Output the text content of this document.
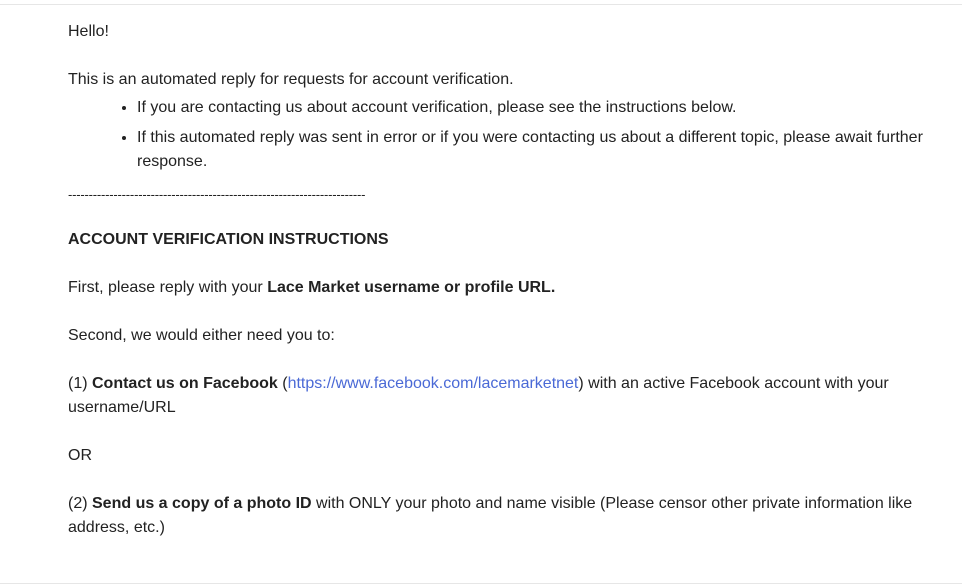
Hello!

This is an automated reply for requests for account verification.

• If you are contacting us about account verification, please see the instructions below.
• If this automated reply was sent in error or if you were contacting us about a different topic, please await further response.

------------------------------------------------------------------------

ACCOUNT VERIFICATION INSTRUCTIONS

First, please reply with your Lace Market username or profile URL.

Second, we would either need you to:

(1) Contact us on Facebook (https://www.facebook.com/lacemarketnet) with an active Facebook account with your username/URL

OR

(2) Send us a copy of a photo ID with ONLY your photo and name visible (Please censor other private information like address, etc.)
